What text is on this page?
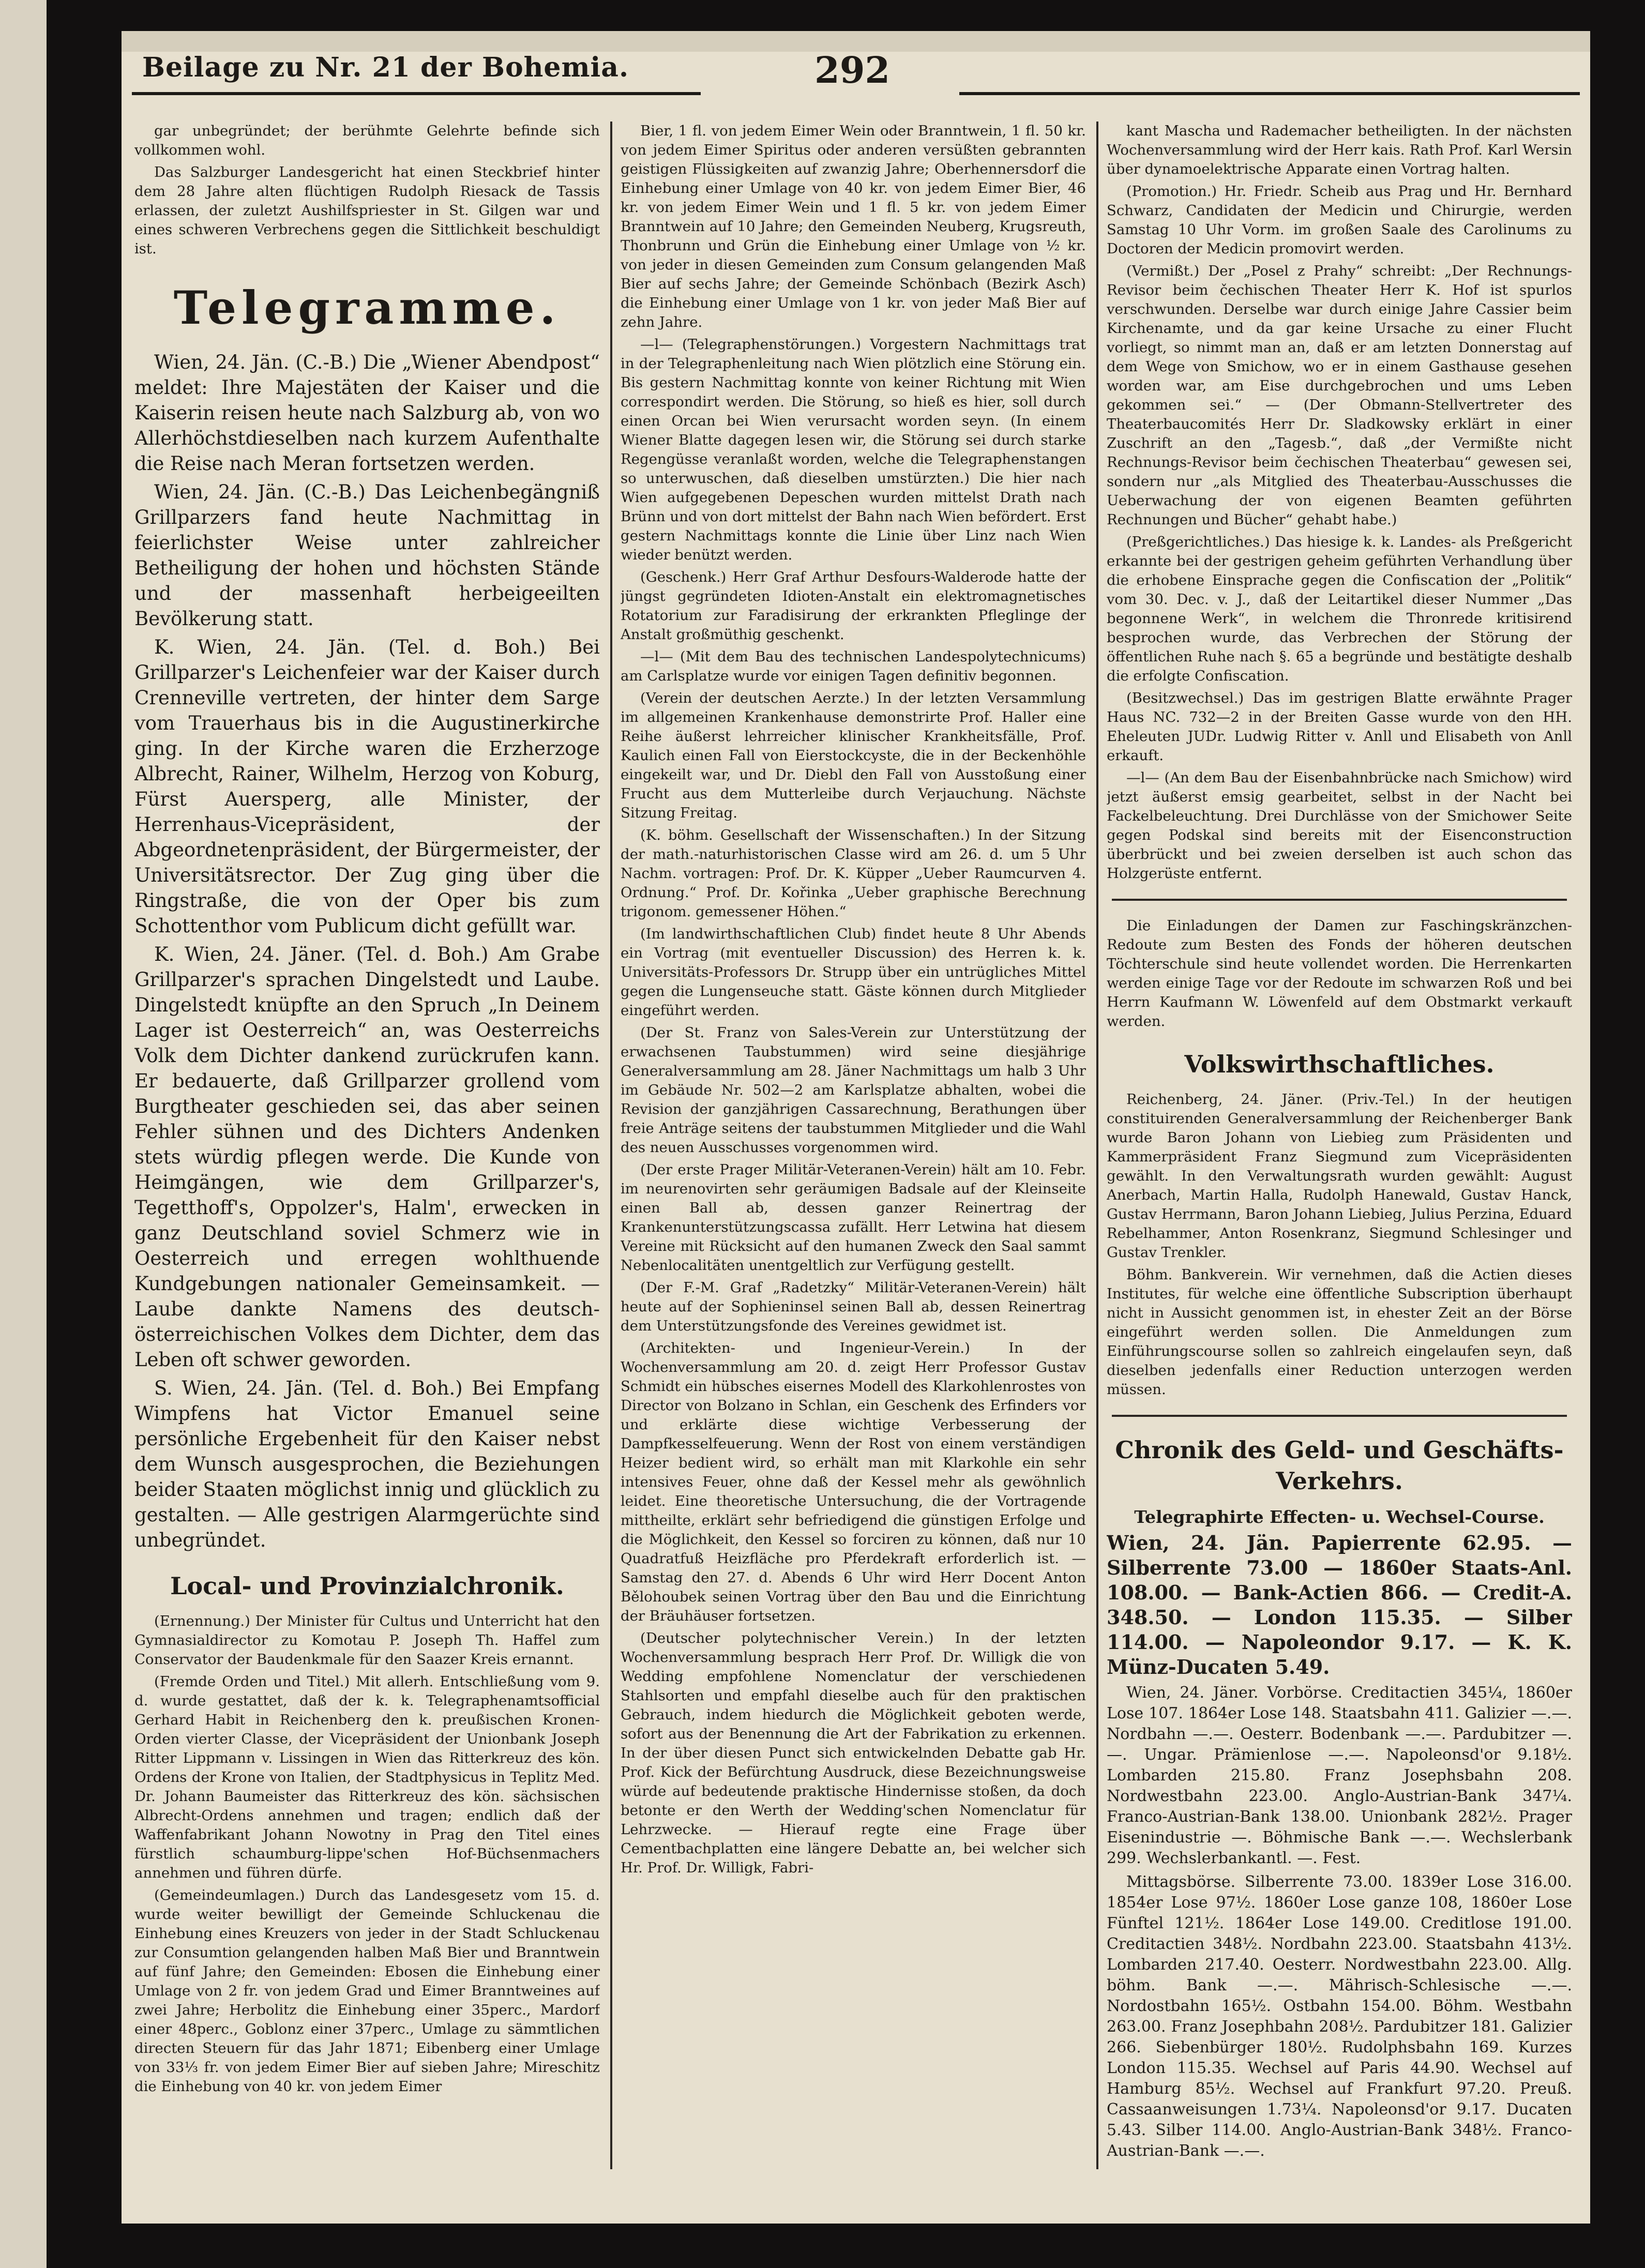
Beilage zu Nr. 21 der Bohemia.	292

gar unbegründet; der berühmte Gelehrte befinde sich vollkommen wohl.

Das Salzburger Landesgericht hat einen Steckbrief hinter dem 28 Jahre alten flüchtigen Rudolph Riesack de Tassis erlassen, der zuletzt Aushilfspriester in St. Gilgen war und eines schweren Verbrechens gegen die Sittlichkeit beschuldigt ist.

Telegramme.

Wien, 24. Jän. (C.-B.) Die „Wiener Abendpost“ meldet: Ihre Majestäten der Kaiser und die Kaiserin reisen heute nach Salzburg ab, von wo Allerhöchstdieselben nach kurzem Aufenthalte die Reise nach Meran fortsetzen werden.

Wien, 24. Jän. (C.-B.) Das Leichenbegängniß Grillparzers fand heute Nachmittag in feierlichster Weise unter zahlreicher Betheiligung der hohen und höchsten Stände und der massenhaft herbeigeeilten Bevölkerung statt.

K. Wien, 24. Jän. (Tel. d. Boh.) Bei Grillparzer's Leichenfeier war der Kaiser durch Crenneville vertreten, der hinter dem Sarge vom Trauerhaus bis in die Augustinerkirche ging. In der Kirche waren die Erzherzoge Albrecht, Rainer, Wilhelm, Herzog von Koburg, Fürst Auersperg, alle Minister, der Herrenhaus-Vicepräsident, der Abgeordnetenpräsident, der Bürgermeister, der Universitätsrector. Der Zug ging über die Ringstraße, die von der Oper bis zum Schottenthor vom Publicum dicht gefüllt war.

K. Wien, 24. Jäner. (Tel. d. Boh.) Am Grabe Grillparzer's sprachen Dingelstedt und Laube. Dingelstedt knüpfte an den Spruch „In Deinem Lager ist Oesterreich“ an, was Oesterreichs Volk dem Dichter dankend zurückrufen kann. Er bedauerte, daß Grillparzer grollend vom Burgtheater geschieden sei, das aber seinen Fehler sühnen und des Dichters Andenken stets würdig pflegen werde. Die Kunde von Heimgängen, wie dem Grillparzer's, Tegetthoff's, Oppolzer's, Halm', erwecken in ganz Deutschland soviel Schmerz wie in Oesterreich und erregen wohlthuende Kundgebungen nationaler Gemeinsamkeit. — Laube dankte Namens des deutsch-österreichischen Volkes dem Dichter, dem das Leben oft schwer geworden.

S. Wien, 24. Jän. (Tel. d. Boh.) Bei Empfang Wimpfens hat Victor Emanuel seine persönliche Ergebenheit für den Kaiser nebst dem Wunsch ausgesprochen, die Beziehungen beider Staaten möglichst innig und glücklich zu gestalten. — Alle gestrigen Alarmgerüchte sind unbegründet.

Local- und Provinzialchronik.

(Ernennung.) Der Minister für Cultus und Unterricht hat den Gymnasialdirector zu Komotau P. Joseph Th. Haffel zum Conservator der Baudenkmale für den Saazer Kreis ernannt.

(Fremde Orden und Titel.) Mit allerh. Entschließung vom 9. d. wurde gestattet, daß der k. k. Telegraphenamtsofficial Gerhard Habit in Reichenberg den k. preußischen Kronen-Orden vierter Classe, der Vicepräsident der Unionbank Joseph Ritter Lippmann v. Lissingen in Wien das Ritterkreuz des kön. Ordens der Krone von Italien, der Stadtphysicus in Teplitz Med. Dr. Johann Baumeister das Ritterkreuz des kön. sächsischen Albrecht-Ordens annehmen und tragen; endlich daß der Waffenfabrikant Johann Nowotny in Prag den Titel eines fürstlich schaumburg-lippe'schen Hof-Büchsenmachers annehmen und führen dürfe.

(Gemeindeumlagen.) Durch das Landesgesetz vom 15. d. wurde weiter bewilligt der Gemeinde Schluckenau die Einhebung eines Kreuzers von jeder in der Stadt Schluckenau zur Consumtion gelangenden halben Maß Bier und Branntwein auf fünf Jahre; den Gemeinden: Ebosen die Einhebung einer Umlage von 2 fr. von jedem Grad und Eimer Branntweines auf zwei Jahre; Herbolitz die Einhebung einer 35perc., Mardorf einer 48perc., Goblonz einer 37perc., Umlage zu sämmtlichen directen Steuern für das Jahr 1871; Eibenberg einer Umlage von 33⅓ fr. von jedem Eimer Bier auf sieben Jahre; Mireschitz die Einhebung von 40 kr. von jedem Eimer

Bier, 1 fl. von jedem Eimer Wein oder Branntwein, 1 fl. 50 kr. von jedem Eimer Spiritus oder anderen versüßten gebrannten geistigen Flüssigkeiten auf zwanzig Jahre; Oberhennersdorf die Einhebung einer Umlage von 40 kr. von jedem Eimer Bier, 46 kr. von jedem Eimer Wein und 1 fl. 5 kr. von jedem Eimer Branntwein auf 10 Jahre; den Gemeinden Neuberg, Krugsreuth, Thonbrunn und Grün die Einhebung einer Umlage von ½ kr. von jeder in diesen Gemeinden zum Consum gelangenden Maß Bier auf sechs Jahre; der Gemeinde Schönbach (Bezirk Asch) die Einhebung einer Umlage von 1 kr. von jeder Maß Bier auf zehn Jahre.

—l— (Telegraphenstörungen.) Vorgestern Nachmittags trat in der Telegraphenleitung nach Wien plötzlich eine Störung ein. Bis gestern Nachmittag konnte von keiner Richtung mit Wien correspondirt werden. Die Störung, so hieß es hier, soll durch einen Orcan bei Wien verursacht worden seyn. (In einem Wiener Blatte dagegen lesen wir, die Störung sei durch starke Regengüsse veranlaßt worden, welche die Telegraphenstangen so unterwuschen, daß dieselben umstürzten.) Die hier nach Wien aufgegebenen Depeschen wurden mittelst Drath nach Brünn und von dort mittelst der Bahn nach Wien befördert. Erst gestern Nachmittags konnte die Linie über Linz nach Wien wieder benützt werden.

(Geschenk.) Herr Graf Arthur Desfours-Walderode hatte der jüngst gegründeten Idioten-Anstalt ein elektromagnetisches Rotatorium zur Faradisirung der erkrankten Pfleglinge der Anstalt großmüthig geschenkt.

—l— (Mit dem Bau des technischen Landespolytechnicums) am Carlsplatze wurde vor einigen Tagen definitiv begonnen.

(Verein der deutschen Aerzte.) In der letzten Versammlung im allgemeinen Krankenhause demonstrirte Prof. Haller eine Reihe äußerst lehrreicher klinischer Krankheitsfälle, Prof. Kaulich einen Fall von Eierstockcyste, die in der Beckenhöhle eingekeilt war, und Dr. Diebl den Fall von Ausstoßung einer Frucht aus dem Mutterleibe durch Verjauchung. Nächste Sitzung Freitag.

(K. böhm. Gesellschaft der Wissenschaften.) In der Sitzung der math.-naturhistorischen Classe wird am 26. d. um 5 Uhr Nachm. vortragen: Prof. Dr. K. Küpper „Ueber Raumcurven 4. Ordnung.“ Prof. Dr. Kořinka „Ueber graphische Berechnung trigonom. gemessener Höhen.“

(Im landwirthschaftlichen Club) findet heute 8 Uhr Abends ein Vortrag (mit eventueller Discussion) des Herren k. k. Universitäts-Professors Dr. Strupp über ein untrügliches Mittel gegen die Lungenseuche statt. Gäste können durch Mitglieder eingeführt werden.

(Der St. Franz von Sales-Verein zur Unterstützung der erwachsenen Taubstummen) wird seine diesjährige Generalversammlung am 28. Jäner Nachmittags um halb 3 Uhr im Gebäude Nr. 502—2 am Karlsplatze abhalten, wobei die Revision der ganzjährigen Cassarechnung, Berathungen über freie Anträge seitens der taubstummen Mitglieder und die Wahl des neuen Ausschusses vorgenommen wird.

(Der erste Prager Militär-Veteranen-Verein) hält am 10. Febr. im neurenovirten sehr geräumigen Badsale auf der Kleinseite einen Ball ab, dessen ganzer Reinertrag der Krankenunterstützungscassa zufällt. Herr Letwina hat diesem Vereine mit Rücksicht auf den humanen Zweck den Saal sammt Nebenlocalitäten unentgeltlich zur Verfügung gestellt.

(Der F.-M. Graf „Radetzky“ Militär-Veteranen-Verein) hält heute auf der Sophieninsel seinen Ball ab, dessen Reinertrag dem Unterstützungsfonde des Vereines gewidmet ist.

(Architekten- und Ingenieur-Verein.) In der Wochenversammlung am 20. d. zeigt Herr Professor Gustav Schmidt ein hübsches eisernes Modell des Klarkohlenrostes von Director von Bolzano in Schlan, ein Geschenk des Erfinders vor und erklärte diese wichtige Verbesserung der Dampfkesselfeuerung. Wenn der Rost von einem verständigen Heizer bedient wird, so erhält man mit Klarkohle ein sehr intensives Feuer, ohne daß der Kessel mehr als gewöhnlich leidet. Eine theoretische Untersuchung, die der Vortragende mittheilte, erklärt sehr befriedigend die günstigen Erfolge und die Möglichkeit, den Kessel so forciren zu können, daß nur 10 Quadratfuß Heizfläche pro Pferdekraft erforderlich ist. — Samstag den 27. d. Abends 6 Uhr wird Herr Docent Anton Bělohoubek seinen Vortrag über den Bau und die Einrichtung der Bräuhäuser fortsetzen.

(Deutscher polytechnischer Verein.) In der letzten Wochenversammlung besprach Herr Prof. Dr. Willigk die von Wedding empfohlene Nomenclatur der verschiedenen Stahlsorten und empfahl dieselbe auch für den praktischen Gebrauch, indem hiedurch die Möglichkeit geboten werde, sofort aus der Benennung die Art der Fabrikation zu erkennen. In der über diesen Punct sich entwickelnden Debatte gab Hr. Prof. Kick der Befürchtung Ausdruck, diese Bezeichnungsweise würde auf bedeutende praktische Hindernisse stoßen, da doch betonte er den Werth der Wedding'schen Nomenclatur für Lehrzwecke. — Hierauf regte eine Frage über Cementbachplatten eine längere Debatte an, bei welcher sich Hr. Prof. Dr. Willigk, Fabri-

kant Mascha und Rademacher betheiligten. In der nächsten Wochenversammlung wird der Herr kais. Rath Prof. Karl Wersin über dynamoelektrische Apparate einen Vortrag halten.

(Promotion.) Hr. Friedr. Scheib aus Prag und Hr. Bernhard Schwarz, Candidaten der Medicin und Chirurgie, werden Samstag 10 Uhr Vorm. im großen Saale des Carolinums zu Doctoren der Medicin promovirt werden.

(Vermißt.) Der „Posel z Prahy“ schreibt: „Der Rechnungs-Revisor beim čechischen Theater Herr K. Hof ist spurlos verschwunden. Derselbe war durch einige Jahre Cassier beim Kirchenamte, und da gar keine Ursache zu einer Flucht vorliegt, so nimmt man an, daß er am letzten Donnerstag auf dem Wege von Smichow, wo er in einem Gasthause gesehen worden war, am Eise durchgebrochen und ums Leben gekommen sei.“ — (Der Obmann-Stellvertreter des Theaterbaucomités Herr Dr. Sladkowsky erklärt in einer Zuschrift an den „Tagesb.“, daß „der Vermißte nicht Rechnungs-Revisor beim čechischen Theaterbau“ gewesen sei, sondern nur „als Mitglied des Theaterbau-Ausschusses die Ueberwachung der von eigenen Beamten geführten Rechnungen und Bücher“ gehabt habe.)

(Preßgerichtliches.) Das hiesige k. k. Landes- als Preßgericht erkannte bei der gestrigen geheim geführten Verhandlung über die erhobene Einsprache gegen die Confiscation der „Politik“ vom 30. Dec. v. J., daß der Leitartikel dieser Nummer „Das begonnene Werk“, in welchem die Thronrede kritisirend besprochen wurde, das Verbrechen der Störung der öffentlichen Ruhe nach §. 65 a begründe und bestätigte deshalb die erfolgte Confiscation.

(Besitzwechsel.) Das im gestrigen Blatte erwähnte Prager Haus NC. 732—2 in der Breiten Gasse wurde von den HH. Eheleuten JUDr. Ludwig Ritter v. Anll und Elisabeth von Anll erkauft.

—l— (An dem Bau der Eisenbahnbrücke nach Smichow) wird jetzt äußerst emsig gearbeitet, selbst in der Nacht bei Fackelbeleuchtung. Drei Durchlässe von der Smichower Seite gegen Podskal sind bereits mit der Eisenconstruction überbrückt und bei zweien derselben ist auch schon das Holzgerüste entfernt.

Die Einladungen der Damen zur Faschingskränzchen-Redoute zum Besten des Fonds der höheren deutschen Töchterschule sind heute vollendet worden. Die Herrenkarten werden einige Tage vor der Redoute im schwarzen Roß und bei Herrn Kaufmann W. Löwenfeld auf dem Obstmarkt verkauft werden.

Volkswirthschaftliches.

Reichenberg, 24. Jäner. (Priv.-Tel.) In der heutigen constituirenden Generalversammlung der Reichenberger Bank wurde Baron Johann von Liebieg zum Präsidenten und Kammerpräsident Franz Siegmund zum Vicepräsidenten gewählt. In den Verwaltungsrath wurden gewählt: August Anerbach, Martin Halla, Rudolph Hanewald, Gustav Hanck, Gustav Herrmann, Baron Johann Liebieg, Julius Perzina, Eduard Rebelhammer, Anton Rosenkranz, Siegmund Schlesinger und Gustav Trenkler.

Böhm. Bankverein. Wir vernehmen, daß die Actien dieses Institutes, für welche eine öffentliche Subscription überhaupt nicht in Aussicht genommen ist, in ehester Zeit an der Börse eingeführt werden sollen. Die Anmeldungen zum Einführungscourse sollen so zahlreich eingelaufen seyn, daß dieselben jedenfalls einer Reduction unterzogen werden müssen.

Chronik des Geld- und Geschäfts-Verkehrs.

Telegraphirte Effecten- u. Wechsel-Course.

Wien, 24. Jän. Papierrente 62.95. — Silberrente 73.00 — 1860er Staats-Anl. 108.00. — Bank-Actien 866. — Credit-A. 348.50. — London 115.35. — Silber 114.00. — Napoleondor 9.17. — K. K. Münz-Ducaten 5.49.

Wien, 24. Jäner. Vorbörse. Creditactien 345¼, 1860er Lose 107. 1864er Lose 148. Staatsbahn 411. Galizier —.—. Nordbahn —.—. Oesterr. Bodenbank —.—. Pardubitzer —.—. Ungar. Prämienlose —.—. Napoleonsd'or 9.18½. Lombarden 215.80. Franz Josephsbahn 208. Nordwestbahn 223.00. Anglo-Austrian-Bank 347¼. Franco-Austrian-Bank 138.00. Unionbank 282½. Prager Eisenindustrie —. Böhmische Bank —.—. Wechslerbank 299. Wechslerbankantl. —. Fest.

Mittagsbörse. Silberrente 73.00. 1839er Lose 316.00. 1854er Lose 97½. 1860er Lose ganze 108, 1860er Lose Fünftel 121½. 1864er Lose 149.00. Creditlose 191.00. Creditactien 348½. Nordbahn 223.00. Staatsbahn 413½. Lombarden 217.40. Oesterr. Nordwestbahn 223.00. Allg. böhm. Bank —.—. Mährisch-Schlesische —.—. Nordostbahn 165½. Ostbahn 154.00. Böhm. Westbahn 263.00. Franz Josephbahn 208½. Pardubitzer 181. Galizier 266. Siebenbürger 180½. Rudolphsbahn 169. Kurzes London 115.35. Wechsel auf Paris 44.90. Wechsel auf Hamburg 85½. Wechsel auf Frankfurt 97.20. Preuß. Cassaanweisungen 1.73¼. Napoleonsd'or 9.17. Ducaten 5.43. Silber 114.00. Anglo-Austrian-Bank 348½. Franco-Austrian-Bank —.—.
